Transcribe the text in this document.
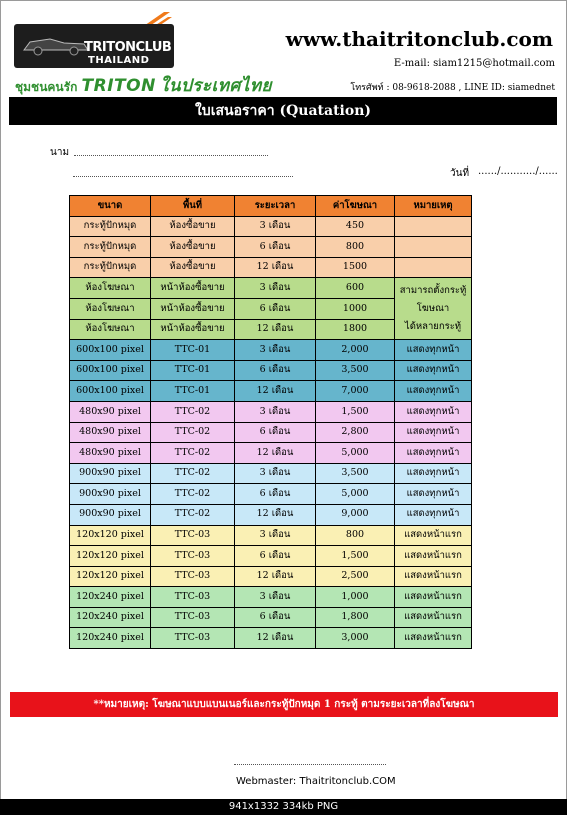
TRITONCLUB
THAILAND
ชุมชนคนรัก TRITON ในประเทศไทย
www.thaitritonclub.com
E-mail: siam1215@hotmail.com
โทรศัพท์ : 08-9618-2088 , LINE ID: siamednet
ใบเสนอราคา (Quatation)
นาม
วันที่ ....../.........../......
ขนาด	พื้นที่	ระยะเวลา	ค่าโฆษณา	หมายเหตุ
กระทู้ปักหมุด	ห้องซื้อขาย	3 เดือน	450	
กระทู้ปักหมุด	ห้องซื้อขาย	6 เดือน	800	
กระทู้ปักหมุด	ห้องซื้อขาย	12 เดือน	1500	
ห้องโฆษณา	หน้าห้องซื้อขาย	3 เดือน	600	สามารถตั้งกระทู้
โฆษณา
ได้หลายกระทู้

ห้องโฆษณา	หน้าห้องซื้อขาย	6 เดือน	1000	
ห้องโฆษณา	หน้าห้องซื้อขาย	12 เดือน	1800	
600x100 pixel	TTC-01	3 เดือน	2,000	แสดงทุกหน้า
600x100 pixel	TTC-01	6 เดือน	3,500	แสดงทุกหน้า
600x100 pixel	TTC-01	12 เดือน	7,000	แสดงทุกหน้า
480x90 pixel	TTC-02	3 เดือน	1,500	แสดงทุกหน้า
480x90 pixel	TTC-02	6 เดือน	2,800	แสดงทุกหน้า
480x90 pixel	TTC-02	12 เดือน	5,000	แสดงทุกหน้า
900x90 pixel	TTC-02	3 เดือน	3,500	แสดงทุกหน้า
900x90 pixel	TTC-02	6 เดือน	5,000	แสดงทุกหน้า
900x90 pixel	TTC-02	12 เดือน	9,000	แสดงทุกหน้า
120x120 pixel	TTC-03	3 เดือน	800	แสดงหน้าแรก
120x120 pixel	TTC-03	6 เดือน	1,500	แสดงหน้าแรก
120x120 pixel	TTC-03	12 เดือน	2,500	แสดงหน้าแรก
120x240 pixel	TTC-03	3 เดือน	1,000	แสดงหน้าแรก
120x240 pixel	TTC-03	6 เดือน	1,800	แสดงหน้าแรก
120x240 pixel	TTC-03	12 เดือน	3,000	แสดงหน้าแรก
**หมายเหตุ: โฆษณาแบบแบนเนอร์และกระทู้ปักหมุด 1 กระทู้ ตามระยะเวลาที่ลงโฆษณา
Webmaster: Thaitritonclub.COM
941x1332 334kb PNG
